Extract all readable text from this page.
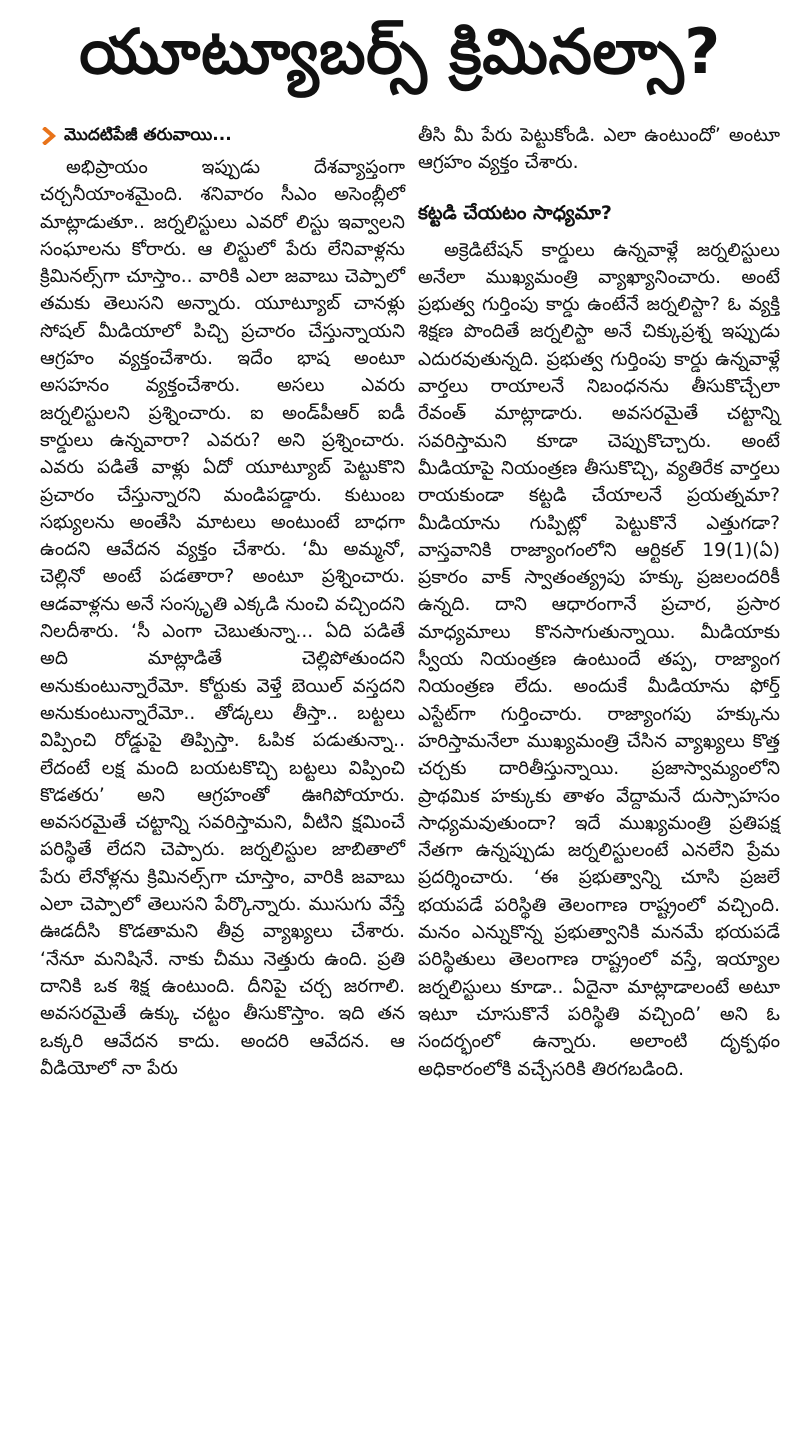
యూట్యూబర్స్ క్రిమినల్సా?
మొదటిపేజీ తరువాయి...

అభిప్రాయం ఇప్పుడు దేశవ్యాప్తంగా చర్చనీయాంశమైంది. శనివారం సీఎం అసెంబ్లీలో మాట్లాడుతూ.. జర్నలిస్టులు ఎవరో లిస్టు ఇవ్వాలని సంఘాలను కోరారు. ఆ లిస్టులో పేరు లేనివాళ్లను క్రిమినల్స్‌గా చూస్తాం.. వారికి ఎలా జవాబు చెప్పాలో తమకు తెలుసని అన్నారు. యూట్యూబ్ చానళ్లు సోషల్ మీడియాలో పిచ్చి ప్రచారం చేస్తున్నాయని ఆగ్రహం వ్యక్తంచేశారు. ఇదేం భాష అంటూ అసహనం వ్యక్తంచేశారు. అసలు ఎవరు జర్నలిస్టులని ప్రశ్నించారు. ఐ అండ్‌పీఆర్ ఐడీ కార్డులు ఉన్నవారా? ఎవరు? అని ప్రశ్నించారు. ఎవరు పడితే వాళ్లు ఏదో యూట్యూబ్ పెట్టుకొని ప్రచారం చేస్తున్నారని మండిపడ్డారు. కుటుంబ సభ్యులను అంతేసి మాటలు అంటుంటే బాధగా ఉందని ఆవేదన వ్యక్తం చేశారు. ‘మీ అమ్మనో, చెల్లినో అంటే పడతారా? అంటూ ప్రశ్నించారు. ఆడవాళ్లను అనే సంస్కృతి ఎక్కడి నుంచి వచ్చిందని నిలదీశారు. ‘సీ ఎంగా చెబుతున్నా... ఏది పడితే అది మాట్లాడితే చెల్లిపోతుందని అనుకుంటున్నారేమో. కోర్టుకు వెళ్తే బెయిల్ వస్తదని అనుకుంటున్నారేమో.. తోడ్కలు తీస్తా.. బట్టలు విప్పించి రోడ్డుపై తిప్పిస్తా. ఓపిక పడుతున్నా.. లేదంటే లక్ష మంది బయటకొచ్చి బట్టలు విప్పించి కొడతరు’ అని ఆగ్రహంతో ఊగిపోయారు. అవసరమైతే చట్టాన్ని సవరిస్తామని, వీటిని క్షమించే పరిస్థితే లేదని చెప్పారు. జర్నలిస్టుల జాబితాలో పేరు లేనోళ్లను క్రిమినల్స్‌గా చూస్తాం, వారికి జవాబు ఎలా చెప్పాలో తెలుసని పేర్కొన్నారు. ముసుగు వేస్తే ఊడదీసి కొడతామని తీవ్ర వ్యాఖ్యలు చేశారు. ‘నేనూ మనిషినే. నాకు చీము నెత్తురు ఉంది. ప్రతి దానికి ఒక శిక్ష ఉంటుంది. దీనిపై చర్చ జరగాలి. అవసరమైతే ఉక్కు చట్టం తీసుకొస్తాం. ఇది తన ఒక్కరి ఆవేదన కాదు. అందరి ఆవేదన. ఆ వీడియోలో నా పేరు

తీసి మీ పేరు పెట్టుకోండి. ఎలా ఉంటుందో’ అంటూ ఆగ్రహం వ్యక్తం చేశారు.

కట్టడి చేయటం సాధ్యమా?

అక్రెడిటేషన్ కార్డులు ఉన్నవాళ్లే జర్నలిస్టులు అనేలా ముఖ్యమంత్రి వ్యాఖ్యానించారు. అంటే ప్రభుత్వ గుర్తింపు కార్డు ఉంటేనే జర్నలిస్టా? ఓ వ్యక్తి శిక్షణ పొందితే జర్నలిస్టా అనే చిక్కుప్రశ్న ఇప్పుడు ఎదురవుతున్నది. ప్రభుత్వ గుర్తింపు కార్డు ఉన్నవాళ్లే వార్తలు రాయాలనే నిబంధనను తీసుకొచ్చేలా రేవంత్ మాట్లాడారు. అవసరమైతే చట్టాన్ని సవరిస్తామని కూడా చెప్పుకొచ్చారు. అంటే మీడియాపై నియంత్రణ తీసుకొచ్చి, వ్యతిరేక వార్తలు రాయకుండా కట్టడి చేయాలనే ప్రయత్నమా? మీడియాను గుప్పిట్లో పెట్టుకొనే ఎత్తుగడా? వాస్తవానికి రాజ్యాంగంలోని ఆర్టికల్ 19(1)(ఏ) ప్రకారం వాక్ స్వాతంత్య్రపు హక్కు ప్రజలందరికీ ఉన్నది. దాని ఆధారంగానే ప్రచార, ప్రసార మాధ్యమాలు కొనసాగుతున్నాయి. మీడియాకు స్వీయ నియంత్రణ ఉంటుందే తప్ప, రాజ్యాంగ నియంత్రణ లేదు. అందుకే మీడియాను ఫోర్త్ ఎస్టేట్‌గా గుర్తించారు. రాజ్యాంగపు హక్కును హరిస్తామనేలా ముఖ్యమంత్రి చేసిన వ్యాఖ్యలు కొత్త చర్చకు దారితీస్తున్నాయి. ప్రజాస్వామ్యంలోని ప్రాథమిక హక్కుకు తాళం వేద్దామనే దుస్సాహసం సాధ్యమవుతుందా? ఇదే ముఖ్యమంత్రి ప్రతిపక్ష నేతగా ఉన్నప్పుడు జర్నలిస్టులంటే ఎనలేని ప్రేమ ప్రదర్శించారు. ‘ఈ ప్రభుత్వాన్ని చూసి ప్రజలే భయపడే పరిస్థితి తెలంగాణ రాష్ట్రంలో వచ్చింది. మనం ఎన్నుకొన్న ప్రభుత్వానికి మనమే భయపడే పరిస్థితులు తెలంగాణ రాష్ట్రంలో వస్తే, ఇయ్యాల జర్నలిస్టులు కూడా.. ఏదైనా మాట్లాడాలంటే అటూ ఇటూ చూసుకొనే పరిస్థితి వచ్చింది’ అని ఓ సందర్భంలో ఉన్నారు. అలాంటి దృక్పథం అధికారంలోకి వచ్చేసరికి తిరగబడింది.
